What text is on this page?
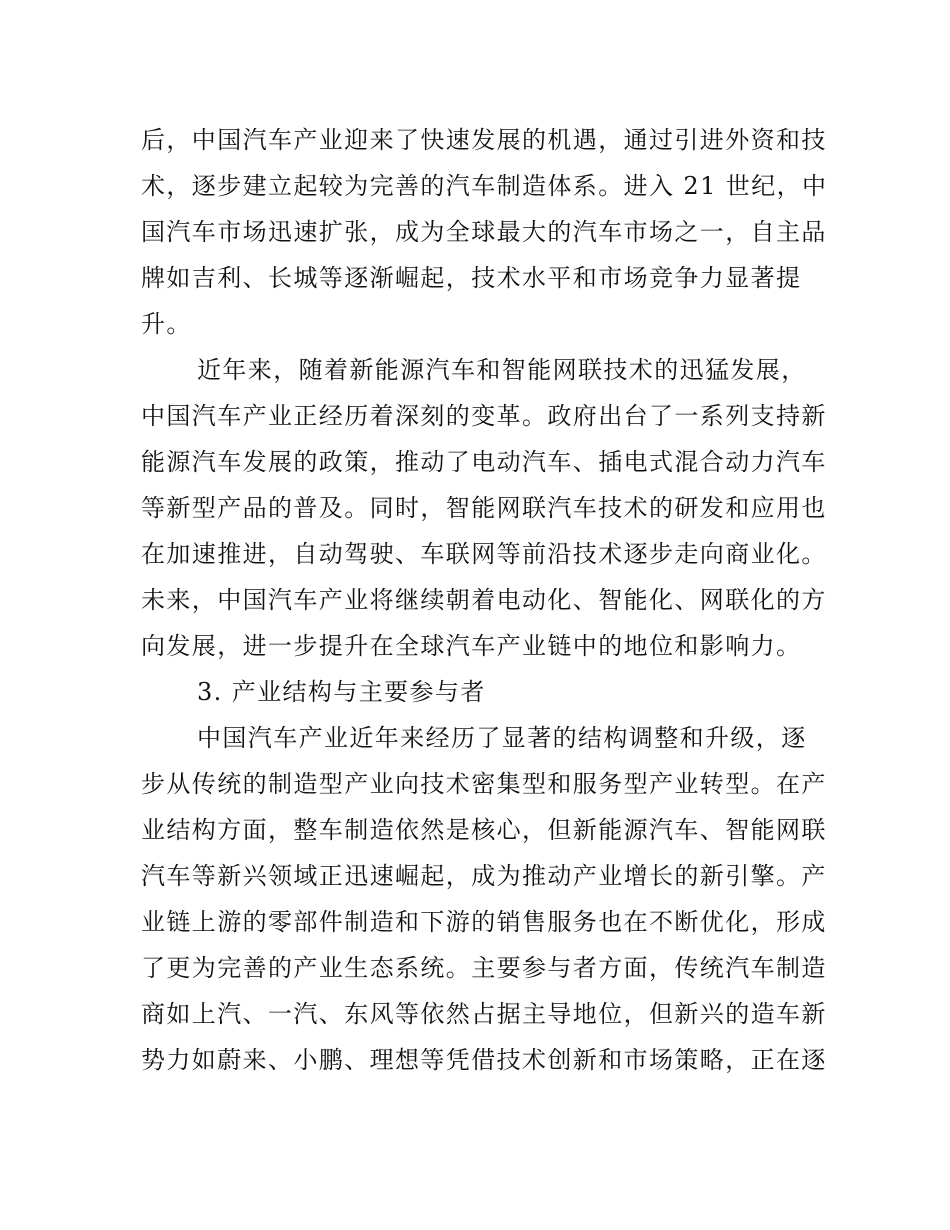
后，中国汽车产业迎来了快速发展的机遇，通过引进外资和技
术，逐步建立起较为完善的汽车制造体系。进入 21 世纪，中
国汽车市场迅速扩张，成为全球最大的汽车市场之一，自主品
牌如吉利、长城等逐渐崛起，技术水平和市场竞争力显著提
升。
近年来，随着新能源汽车和智能网联技术的迅猛发展，
中国汽车产业正经历着深刻的变革。政府出台了一系列支持新
能源汽车发展的政策，推动了电动汽车、插电式混合动力汽车
等新型产品的普及。同时，智能网联汽车技术的研发和应用也
在加速推进，自动驾驶、车联网等前沿技术逐步走向商业化。
未来，中国汽车产业将继续朝着电动化、智能化、网联化的方
向发展，进一步提升在全球汽车产业链中的地位和影响力。
3. 产业结构与主要参与者
中国汽车产业近年来经历了显著的结构调整和升级，逐
步从传统的制造型产业向技术密集型和服务型产业转型。在产
业结构方面，整车制造依然是核心，但新能源汽车、智能网联
汽车等新兴领域正迅速崛起，成为推动产业增长的新引擎。产
业链上游的零部件制造和下游的销售服务也在不断优化，形成
了更为完善的产业生态系统。主要参与者方面，传统汽车制造
商如上汽、一汽、东风等依然占据主导地位，但新兴的造车新
势力如蔚来、小鹏、理想等凭借技术创新和市场策略，正在逐
